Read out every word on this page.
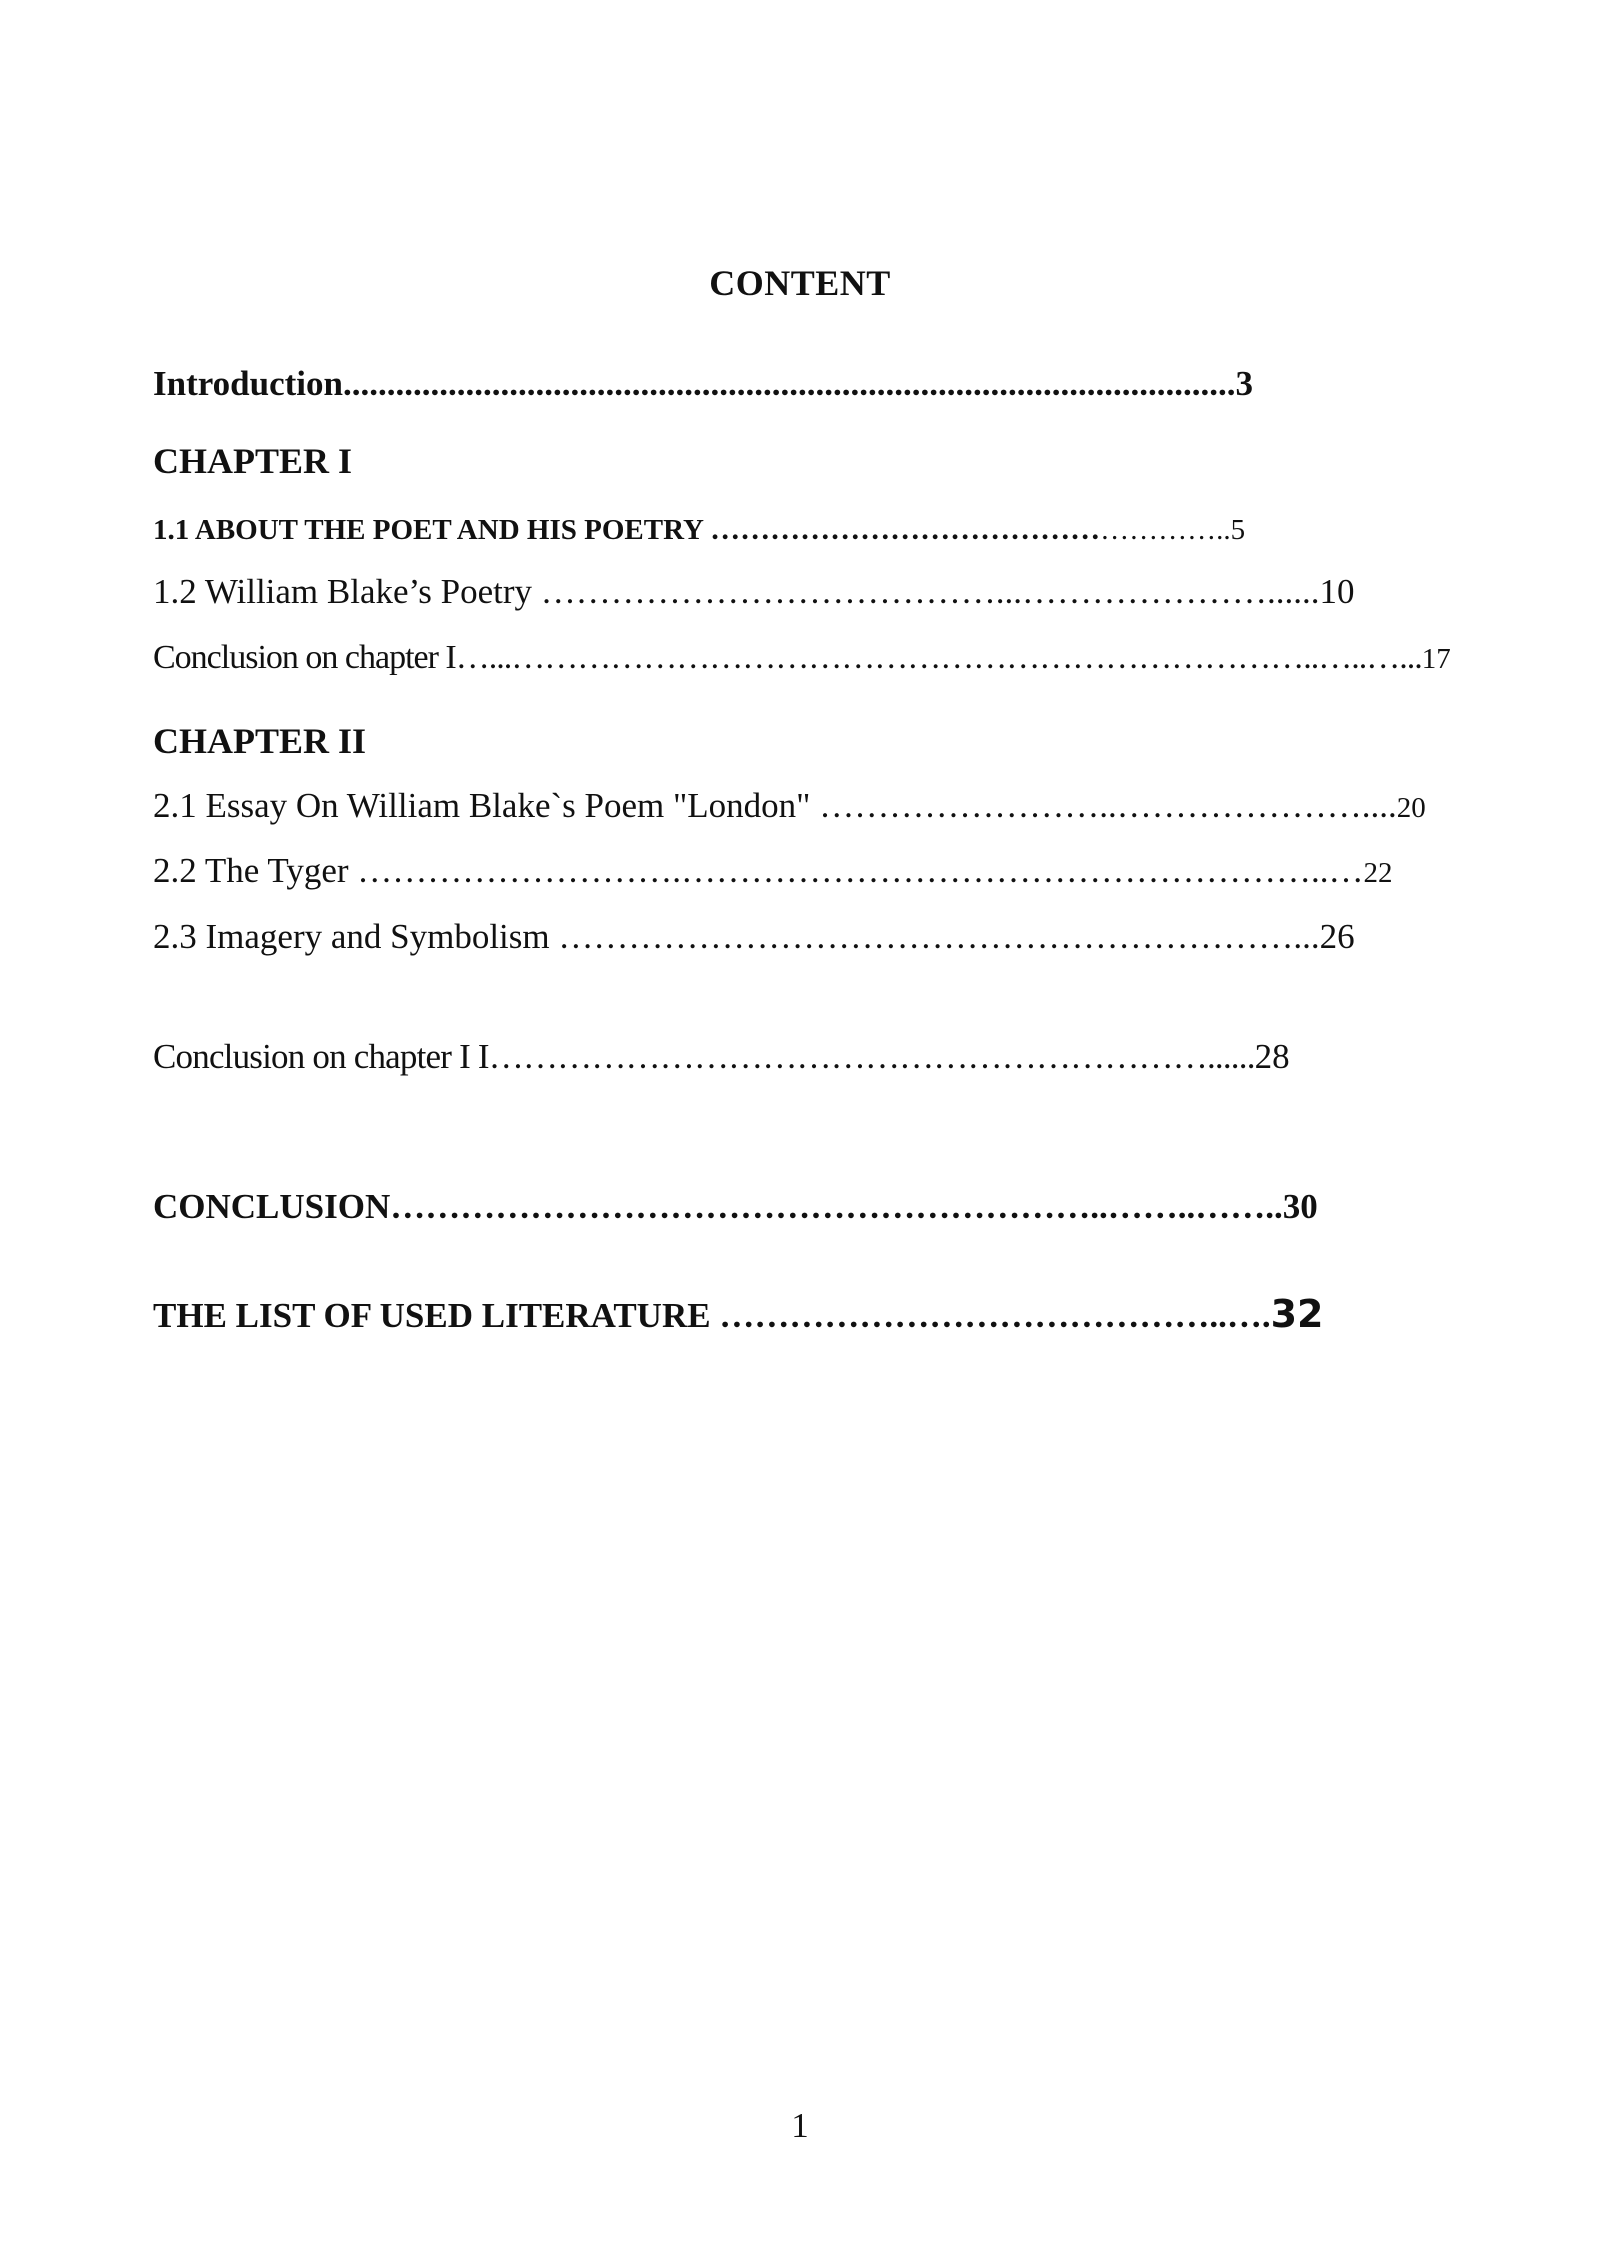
CONTENT
Introduction......................................................................................................3
CHAPTER I
1.1 ABOUT THE POET AND HIS POETRY ……………………………………………..5
1.2 William Blake’s Poetry …………………………………...…………………......10
Conclusion on chapter I…...………………………………………………………………..…..…...17
CHAPTER II
2.1 Essay On William Blake`s Poem "London" ……………………..…………………....20
2.2 The Tyger ……………………….………………………………………………..…22
2.3 Imagery and Symbolism ………………………………………………………...26
Conclusion on chapter I I………………………………………………………......28
CONCLUSION……………………………………………………..……..……..30
THE LIST OF USED LITERATURE ……………………………………..….32
1
